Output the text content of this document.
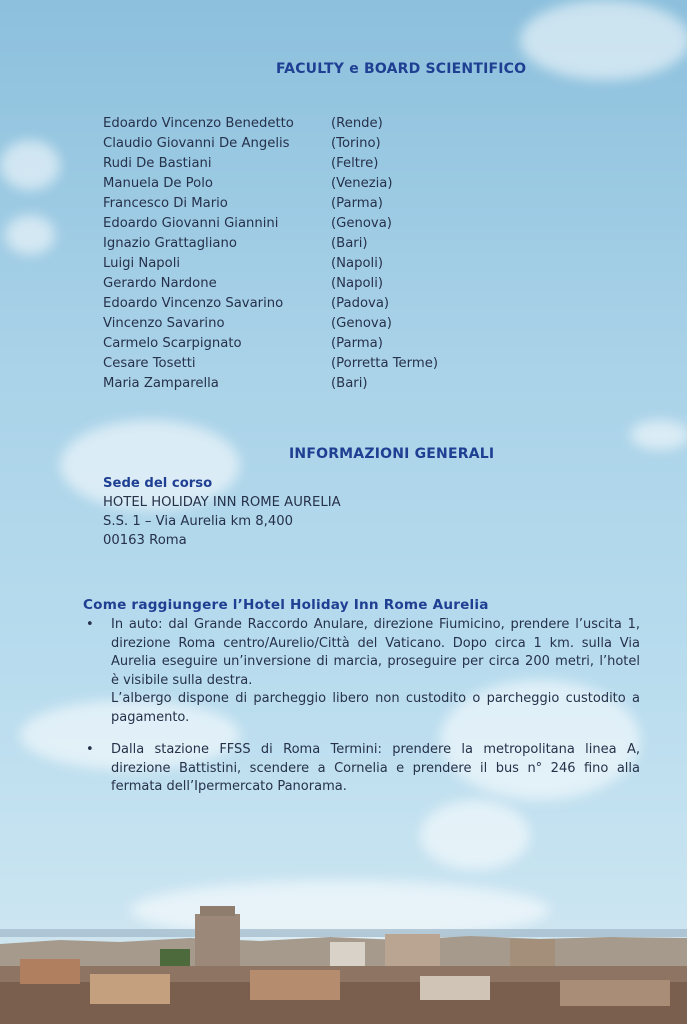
FACULTY e BOARD SCIENTIFICO
Edoardo Vincenzo Benedetto	(Rende)
Claudio Giovanni De Angelis	(Torino)
Rudi De Bastiani	(Feltre)
Manuela De Polo	(Venezia)
Francesco Di Mario	(Parma)
Edoardo Giovanni Giannini	(Genova)
Ignazio Grattagliano	(Bari)
Luigi Napoli	(Napoli)
Gerardo Nardone	(Napoli)
Edoardo Vincenzo Savarino	(Padova)
Vincenzo Savarino	(Genova)
Carmelo Scarpignato	(Parma)
Cesare Tosetti	(Porretta Terme)
Maria Zamparella	(Bari)
INFORMAZIONI GENERALI
Sede del corso
HOTEL HOLIDAY INN ROME AURELIA
S.S. 1 – Via Aurelia km 8,400
00163 Roma
Come raggiungere l’Hotel Holiday Inn Rome Aurelia
• In auto: dal Grande Raccordo Anulare, direzione Fiumicino, prendere l’uscita 1, direzione Roma centro/Aurelio/Città del Vaticano. Dopo circa 1 km. sulla Via Aurelia eseguire un’inversione di marcia, proseguire per circa 200 metri, l’hotel è visibile sulla destra.

L’albergo dispone di parcheggio libero non custodito o parcheggio custodito a pagamento.

• Dalla stazione FFSS di Roma Termini: prendere la metropolitana linea A, direzione Battistini, scendere a Cornelia e prendere il bus n° 246 fino alla fermata dell’Ipermercato Panorama.
